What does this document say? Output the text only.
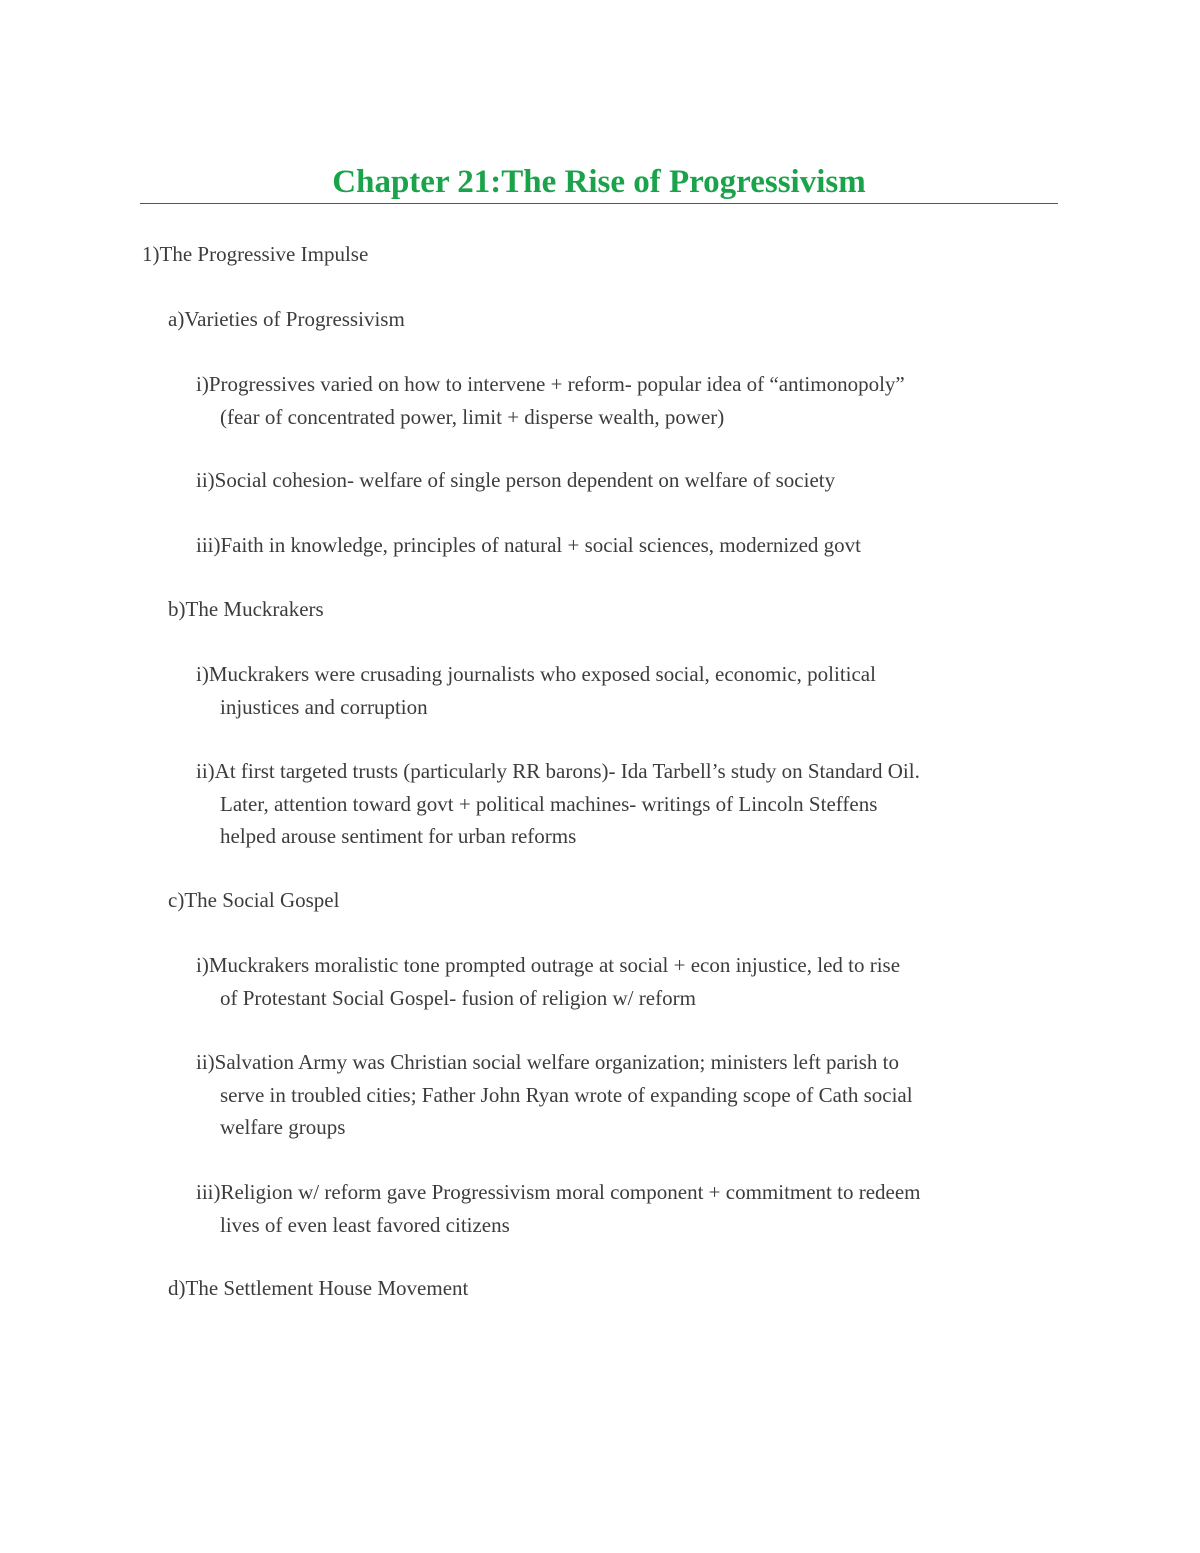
Chapter 21:The Rise of Progressivism

1)The Progressive Impulse

a)Varieties of Progressivism

i)Progressives varied on how to intervene + reform- popular idea of “antimonopoly”
(fear of concentrated power, limit + disperse wealth, power)

ii)Social cohesion- welfare of single person dependent on welfare of society

iii)Faith in knowledge, principles of natural + social sciences, modernized govt

b)The Muckrakers

i)Muckrakers were crusading journalists who exposed social, economic, political
injustices and corruption
ii)At first targeted trusts (particularly RR barons)- Ida Tarbell’s study on Standard Oil.
Later, attention toward govt + political machines- writings of Lincoln Steffens
helped arouse sentiment for urban reforms

c)The Social Gospel

i)Muckrakers moralistic tone prompted outrage at social + econ injustice, led to rise
of Protestant Social Gospel- fusion of religion w/ reform
ii)Salvation Army was Christian social welfare organization; ministers left parish to
serve in troubled cities; Father John Ryan wrote of expanding scope of Cath social
welfare groups
iii)Religion w/ reform gave Progressivism moral component + commitment to redeem
lives of even least favored citizens

d)The Settlement House Movement
